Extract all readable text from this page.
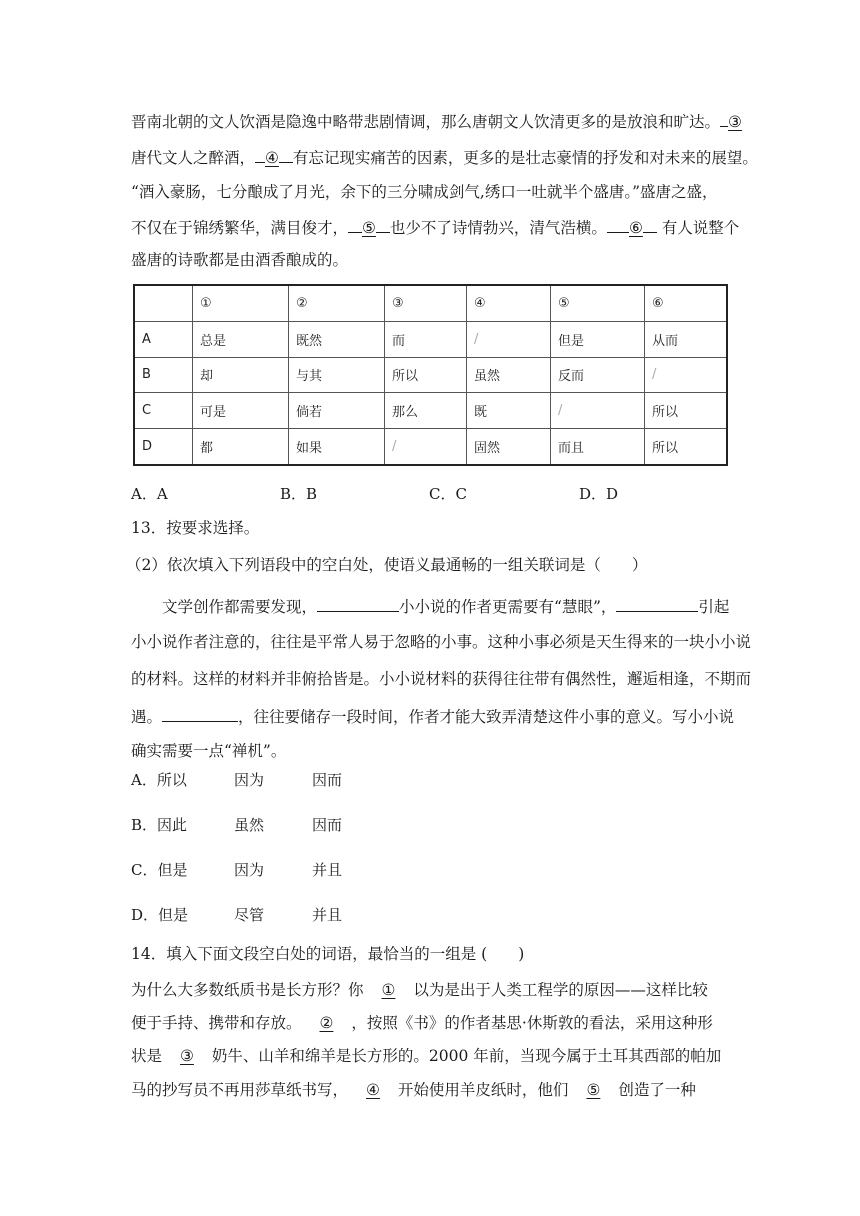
晋南北朝的文人饮酒是隐逸中略带悲剧情调，那么唐朝文人饮清更多的是放浪和旷达。 ③
唐代文人之醉酒， ④ 有忘记现实痛苦的因素，更多的是壮志豪情的抒发和对未来的展望。
“酒入豪肠，七分酿成了月光，余下的三分啸成剑气,绣口一吐就半个盛唐。”盛唐之盛，
不仅在于锦绣繁华，满目俊才， ⑤ 也少不了诗情勃兴，清气浩横。 ⑥ 有人说整个
盛唐的诗歌都是由酒香酿成的。
	①	②	③	④	⑤	⑥
A	总是	既然	而	/	但是	从而
B	却	与其	所以	虽然	反而	/
C	可是	倘若	那么	既	/	所以
D	都	如果	/	固然	而且	所以
A．A	B．B	C．C	D．D
13．按要求选择。
（2）依次填入下列语段中的空白处，使语义最通畅的一组关联词是（　　）
文学创作都需要发现，	小小说的作者更需要有“慧眼”，	引起
小小说作者注意的，往往是平常人易于忽略的小事。这种小事必须是天生得来的一块小小说
的材料。这样的材料并非俯拾皆是。小小说材料的获得往往带有偶然性，邂逅相逢，不期而
遇。	，往往要储存一段时间，作者才能大致弄清楚这件小事的意义。写小小说
确实需要一点“禅机”。
A．所以	因为	因而
B．因此	虽然	因而
C．但是	因为	并且
D．但是	尽管	并且
14．填入下面文段空白处的词语，最恰当的一组是 (　　)
为什么大多数纸质书是长方形？你 ① 以为是出于人类工程学的原因——这样比较
便于手持、携带和存放。 ② ，按照《书》的作者基思·休斯敦的看法，采用这种形
状是 ③ 奶牛、山羊和绵羊是长方形的。2000 年前，当现今属于土耳其西部的帕加
马的抄写员不再用莎草纸书写， ④ 开始使用羊皮纸时，他们 ⑤ 创造了一种
